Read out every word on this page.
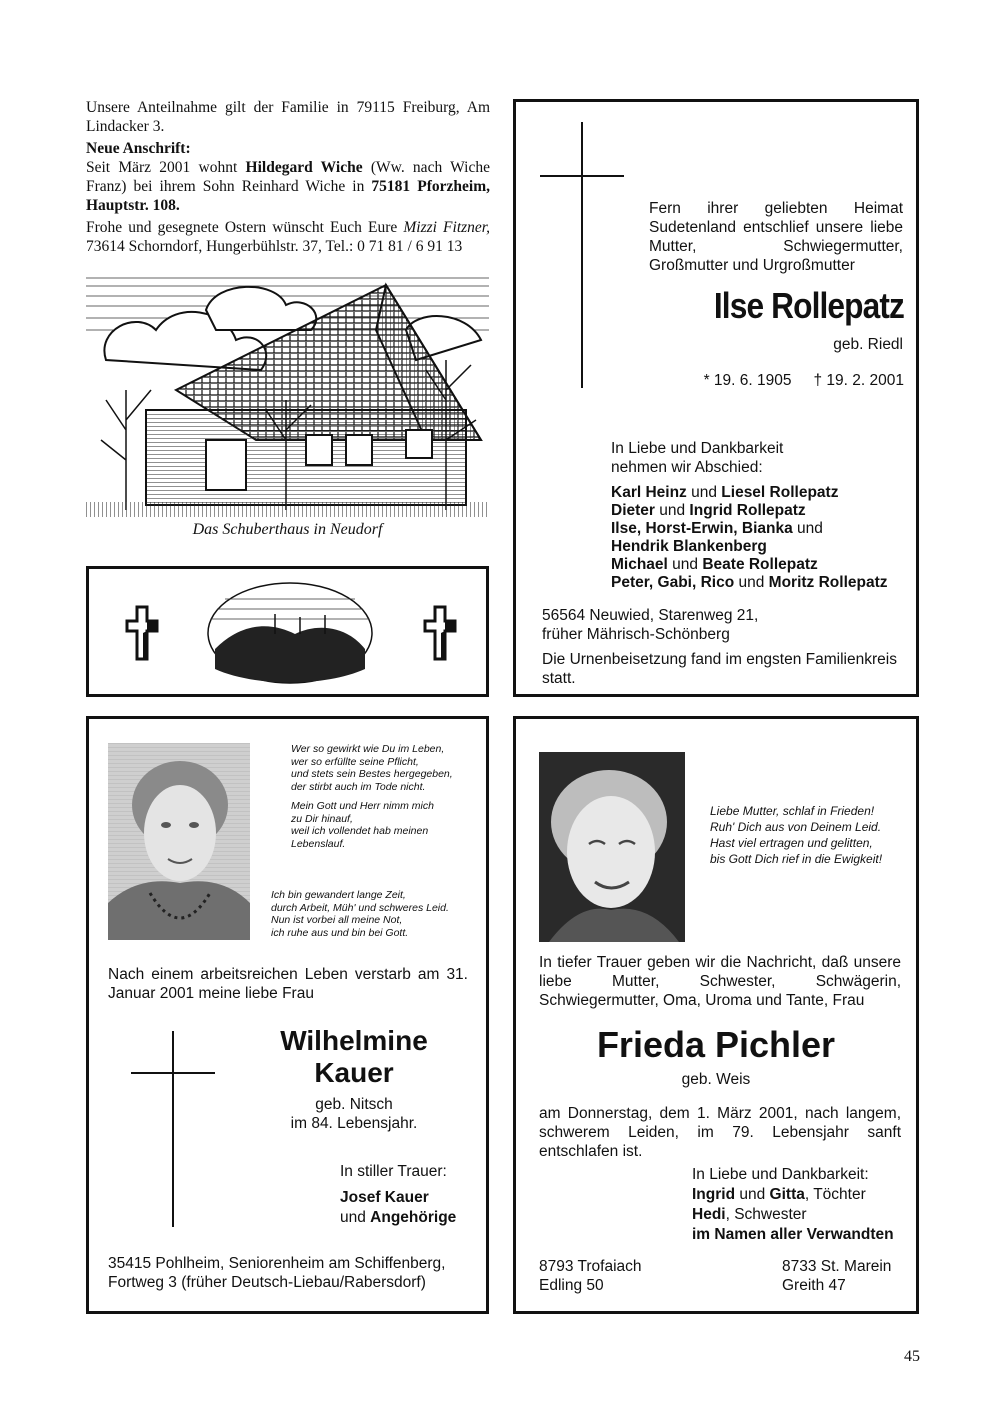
Unsere Anteilnahme gilt der Familie in 79115 Freiburg, Am Lindacker 3.

Neue Anschrift:

Seit März 2001 wohnt Hildegard Wiche (Ww. nach Wiche Franz) bei ihrem Sohn Reinhard Wiche in 75181 Pforzheim, Hauptstr. 108.

Frohe und gesegnete Ostern wünscht Euch Eure Mizzi Fitzner, 73614 Schorndorf, Hungerbühlstr. 37, Tel.: 0 71 81 / 6 91 13

Das Schuberthaus in Neudorf

Fern ihrer geliebten Heimat Sudetenland entschlief unsere liebe Mutter, Schwiegermutter, Großmutter und Urgroßmutter

Ilse Rollepatz
geb. Riedl
* 19. 6. 1905 † 19. 2. 2001

In Liebe und Dankbarkeit

nehmen wir Abschied:

Karl Heinz und Liesel Rollepatz

Dieter und Ingrid Rollepatz

Ilse, Horst-Erwin, Bianka und

Hendrik Blankenberg

Michael und Beate Rollepatz

Peter, Gabi, Rico und Moritz Rollepatz

56564 Neuwied, Starenweg 21,

früher Mährisch-Schönberg

Die Urnenbeisetzung fand im engsten Familienkreis statt.

Wer so gewirkt wie Du im Leben,

wer so erfüllte seine Pflicht,

und stets sein Bestes hergegeben,

der stirbt auch im Tode nicht.

Mein Gott und Herr nimm mich

zu Dir hinauf,

weil ich vollendet hab meinen

Lebenslauf.

Ich bin gewandert lange Zeit,

durch Arbeit, Müh' und schweres Leid.

Nun ist vorbei all meine Not,

ich ruhe aus und bin bei Gott.

Nach einem arbeitsreichen Leben verstarb am 31. Januar 2001 meine liebe Frau

Wilhelmine

Kauer

geb. Nitsch

im 84. Lebensjahr.

In stiller Trauer:

Josef Kauer

und Angehörige

35415 Pohlheim, Seniorenheim am Schiffenberg,

Fortweg 3 (früher Deutsch-Liebau/Rabersdorf)

Liebe Mutter, schlaf in Frieden!

Ruh' Dich aus von Deinem Leid.

Hast viel ertragen und gelitten,

bis Gott Dich rief in die Ewigkeit!

In tiefer Trauer geben wir die Nachricht, daß unsere liebe Mutter, Schwester, Schwägerin, Schwiegermutter, Oma, Uroma und Tante, Frau

Frieda Pichler
geb. Weis

am Donnerstag, dem 1. März 2001, nach langem, schwerem Leiden, im 79. Lebensjahr sanft entschlafen ist.

In Liebe und Dankbarkeit:

Ingrid und Gitta, Töchter

Hedi, Schwester

im Namen aller Verwandten

8793 Trofaiach

Edling 50

8733 St. Marein

Greith 47

45
